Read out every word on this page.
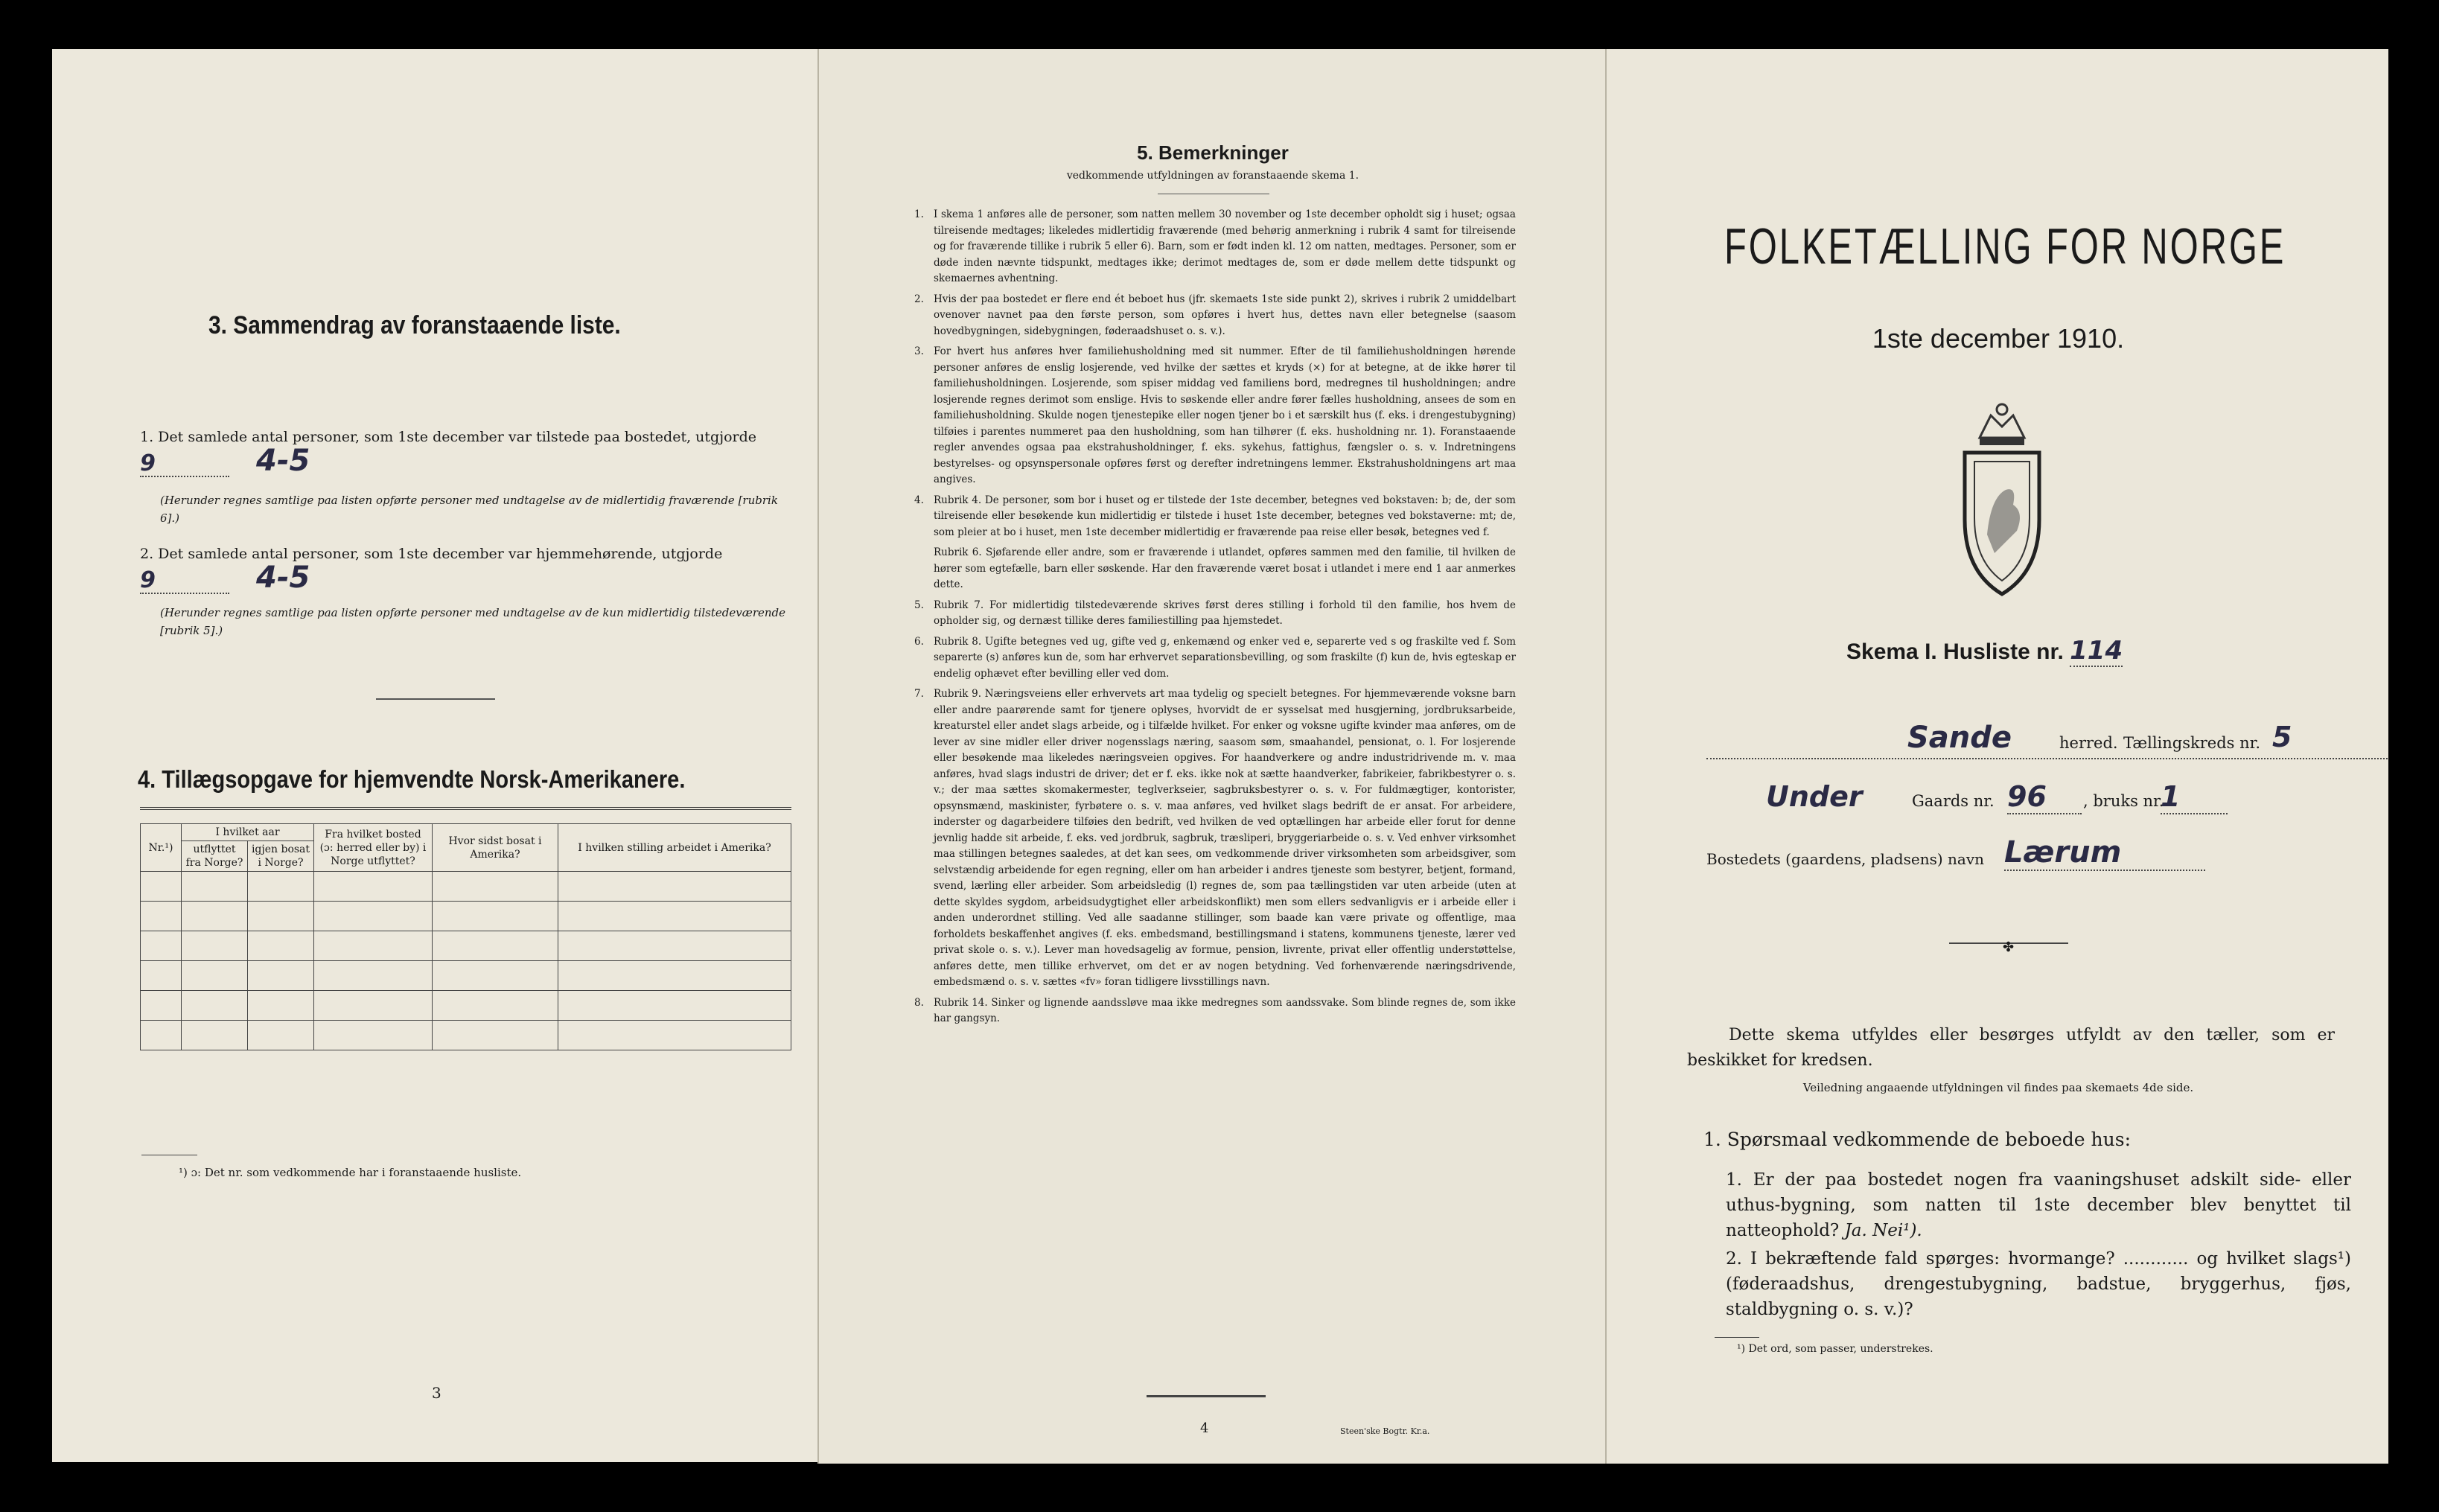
3. Sammendrag av foranstaaende liste.
1. Det samlede antal personer, som 1ste december var tilstede paa bostedet, utgjorde 9	4-5
(Herunder regnes samtlige paa listen opførte personer med undtagelse av de midlertidig fraværende [rubrik 6].)
2. Det samlede antal personer, som 1ste december var hjemmehørende, utgjorde 9	4-5
(Herunder regnes samtlige paa listen opførte personer med undtagelse av de kun midlertidig tilstedeværende [rubrik 5].)
4. Tillægsopgave for hjemvendte Norsk-Amerikanere.
Nr.¹)	I hvilket aar		Fra hvilket bosted (ɔ: herred eller by) i Norge utflyttet?	Hvor sidst bosat i Amerika?	I hvilken stilling arbeidet i Amerika?
	utflyttet fra Norge?	igjen bosat i Norge?			

¹) ɔ: Det nr. som vedkommende har i foranstaaende husliste.
3
5. Bemerkninger
vedkommende utfyldningen av foranstaaende skema 1.
1. I skema 1 anføres alle de personer, som natten mellem 30 november og 1ste december opholdt sig i huset; ogsaa tilreisende medtages; likeledes midlertidig fraværende (med behørig anmerkning i rubrik 4 samt for tilreisende og for fraværende tillike i rubrik 5 eller 6). Barn, som er født inden kl. 12 om natten, medtages. Personer, som er døde inden nævnte tidspunkt, medtages ikke; derimot medtages de, som er døde mellem dette tidspunkt og skemaernes avhentning.
2. Hvis der paa bostedet er flere end ét beboet hus (jfr. skemaets 1ste side punkt 2), skrives i rubrik 2 umiddelbart ovenover navnet paa den første person, som opføres i hvert hus, dettes navn eller betegnelse (saasom hovedbygningen, sidebygningen, føderaadshuset o. s. v.).
3. For hvert hus anføres hver familiehusholdning med sit nummer. Efter de til familiehusholdningen hørende personer anføres de enslig losjerende, ved hvilke der sættes et kryds (×) for at betegne, at de ikke hører til familiehusholdningen. Losjerende, som spiser middag ved familiens bord, medregnes til husholdningen; andre losjerende regnes derimot som enslige. Hvis to søskende eller andre fører fælles husholdning, ansees de som en familiehusholdning. Skulde nogen tjenestepike eller nogen tjener bo i et særskilt hus (f. eks. i drengestubygning) tilføies i parentes nummeret paa den husholdning, som han tilhører (f. eks. husholdning nr. 1). Foranstaaende regler anvendes ogsaa paa ekstrahusholdninger, f. eks. sykehus, fattighus, fængsler o. s. v. Indretningens bestyrelses- og opsynspersonale opføres først og derefter indretningens lemmer. Ekstrahusholdningens art maa angives.
4. Rubrik 4. De personer, som bor i huset og er tilstede der 1ste december, betegnes ved bokstaven: b; de, der som tilreisende eller besøkende kun midlertidig er tilstede i huset 1ste december, betegnes ved bokstaverne: mt; de, som pleier at bo i huset, men 1ste december midlertidig er fraværende paa reise eller besøk, betegnes ved f.
Rubrik 6. Sjøfarende eller andre, som er fraværende i utlandet, opføres sammen med den familie, til hvilken de hører som egtefælle, barn eller søskende. Har den fraværende været bosat i utlandet i mere end 1 aar anmerkes dette.
5. Rubrik 7. For midlertidig tilstedeværende skrives først deres stilling i forhold til den familie, hos hvem de opholder sig, og dernæst tillike deres familiestilling paa hjemstedet.
6. Rubrik 8. Ugifte betegnes ved ug, gifte ved g, enkemænd og enker ved e, separerte ved s og fraskilte ved f. Som separerte (s) anføres kun de, som har erhvervet separationsbevilling, og som fraskilte (f) kun de, hvis egteskap er endelig ophævet efter bevilling eller ved dom.
7. Rubrik 9. Næringsveiens eller erhvervets art maa tydelig og specielt betegnes. For hjemmeværende voksne barn eller andre paarørende samt for tjenere oplyses, hvorvidt de er sysselsat med husgjerning, jordbruksarbeide, kreaturstel eller andet slags arbeide, og i tilfælde hvilket. For enker og voksne ugifte kvinder maa anføres, om de lever av sine midler eller driver nogensslags næring, saasom søm, smaahandel, pensionat, o. l. For losjerende eller besøkende maa likeledes næringsveien opgives. For haandverkere og andre industridrivende m. v. maa anføres, hvad slags industri de driver; det er f. eks. ikke nok at sætte haandverker, fabrikeier, fabrikbestyrer o. s. v.; der maa sættes skomakermester, teglverkseier, sagbruksbestyrer o. s. v. For fuldmægtiger, kontorister, opsynsmænd, maskinister, fyrbøtere o. s. v. maa anføres, ved hvilket slags bedrift de er ansat. For arbeidere, inderster og dagarbeidere tilføies den bedrift, ved hvilken de ved optællingen har arbeide eller forut for denne jevnlig hadde sit arbeide, f. eks. ved jordbruk, sagbruk, træsliperi, bryggeriarbeide o. s. v. Ved enhver virksomhet maa stillingen betegnes saaledes, at det kan sees, om vedkommende driver virksomheten som arbeidsgiver, som selvstændig arbeidende for egen regning, eller om han arbeider i andres tjeneste som bestyrer, betjent, formand, svend, lærling eller arbeider. Som arbeidsledig (l) regnes de, som paa tællingstiden var uten arbeide (uten at dette skyldes sygdom, arbeidsudygtighet eller arbeidskonflikt) men som ellers sedvanligvis er i arbeide eller i anden underordnet stilling. Ved alle saadanne stillinger, som baade kan være private og offentlige, maa forholdets beskaffenhet angives (f. eks. embedsmand, bestillingsmand i statens, kommunens tjeneste, lærer ved privat skole o. s. v.). Lever man hovedsagelig av formue, pension, livrente, privat eller offentlig understøttelse, anføres dette, men tillike erhvervet, om det er av nogen betydning. Ved forhenværende næringsdrivende, embedsmænd o. s. v. sættes «fv» foran tidligere livsstillings navn.
8. Rubrik 14. Sinker og lignende aandssløve maa ikke medregnes som aandssvake. Som blinde regnes de, som ikke har gangsyn.
4	Steen'ske Bogtr. Kr.a.
FOLKETÆLLING FOR NORGE
1ste december 1910.
Skema I. Husliste nr. 114
Sande	herred. Tællingskreds nr. 5
Under	Gaards nr. 96	, bruks nr.
1
Bostedets (gaardens, pladsens) navn Lærum
✤
Dette skema utfyldes eller besørges utfyldt av den tæller, som er beskikket for kredsen.
Veiledning angaaende utfyldningen vil findes paa skemaets 4de side.
1. Spørsmaal vedkommende de beboede hus:
1. Er der paa bostedet nogen fra vaaningshuset adskilt side- eller uthus-bygning, som natten til 1ste december blev benyttet til natteophold? Ja. Nei¹).
2. I bekræftende fald spørges: hvormange? ............ og hvilket slags¹) (føderaadshus, drengestubygning, badstue, bryggerhus, fjøs, staldbygning o. s. v.)?
¹) Det ord, som passer, understrekes.
